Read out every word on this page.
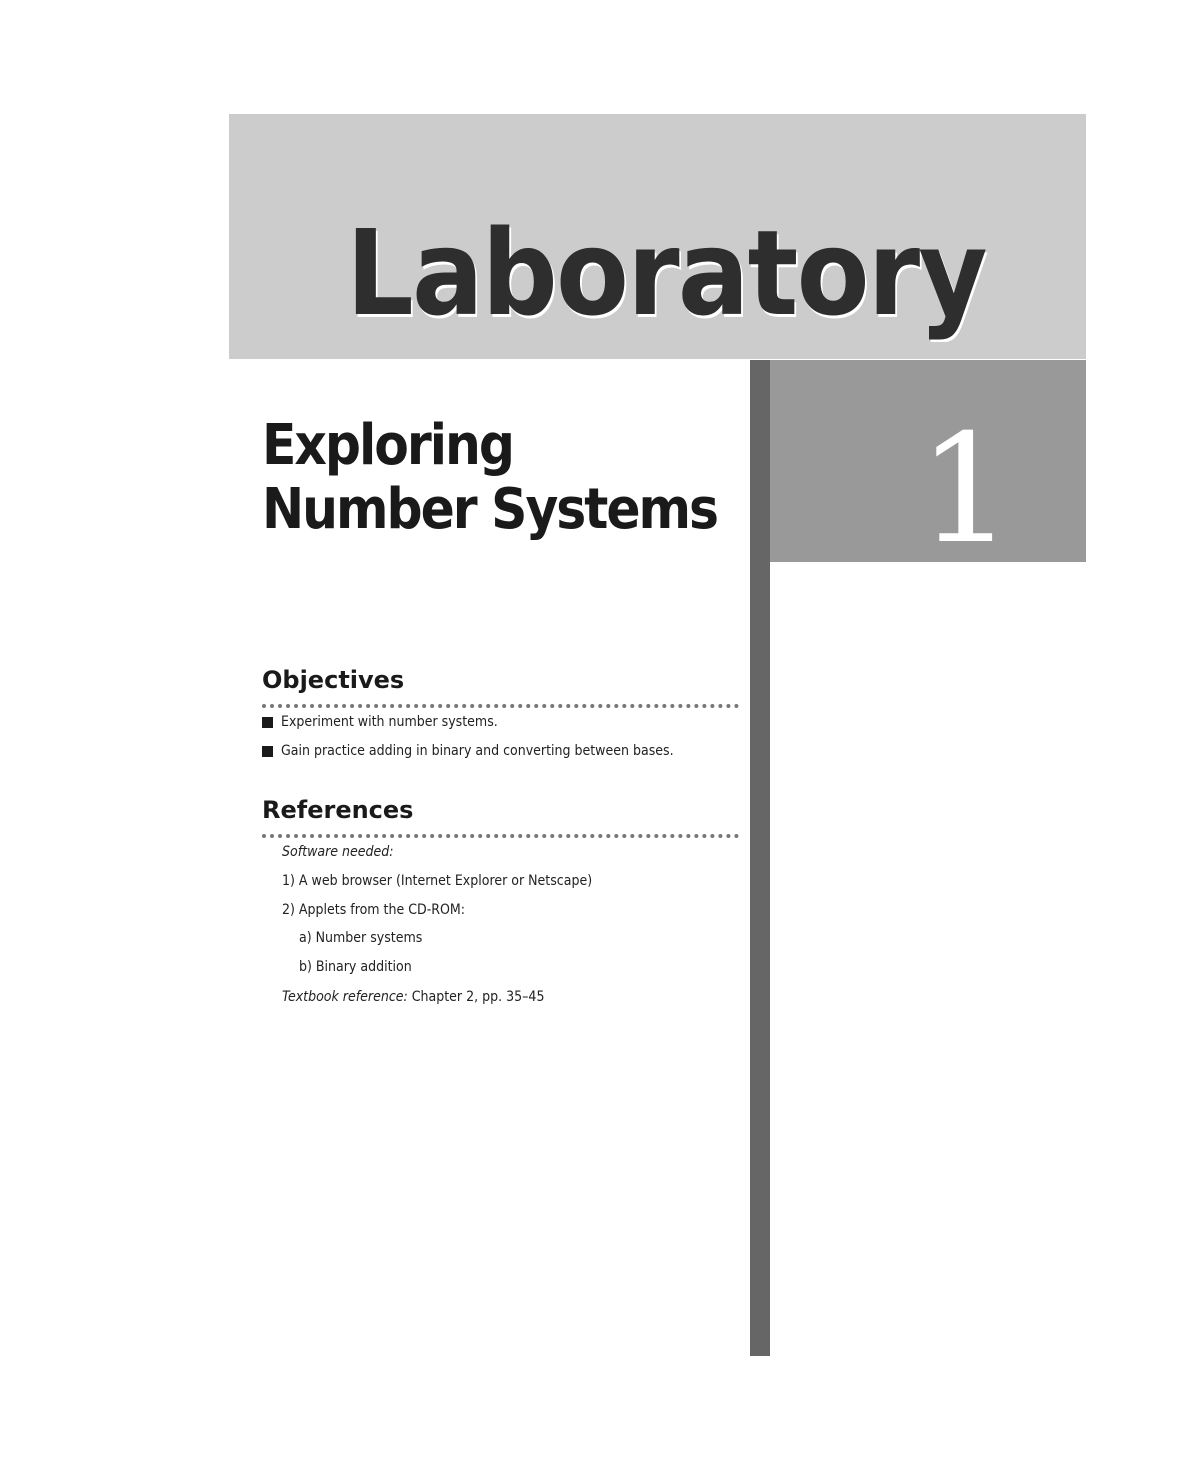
Laboratory
1
Exploring Number Systems
Objectives
Experiment with number systems.
Gain practice adding in binary and converting between bases.
References
Software needed:
1) A web browser (Internet Explorer or Netscape)
2) Applets from the CD-ROM:
a) Number systems
b) Binary addition
Textbook reference: Chapter 2, pp. 35–45
